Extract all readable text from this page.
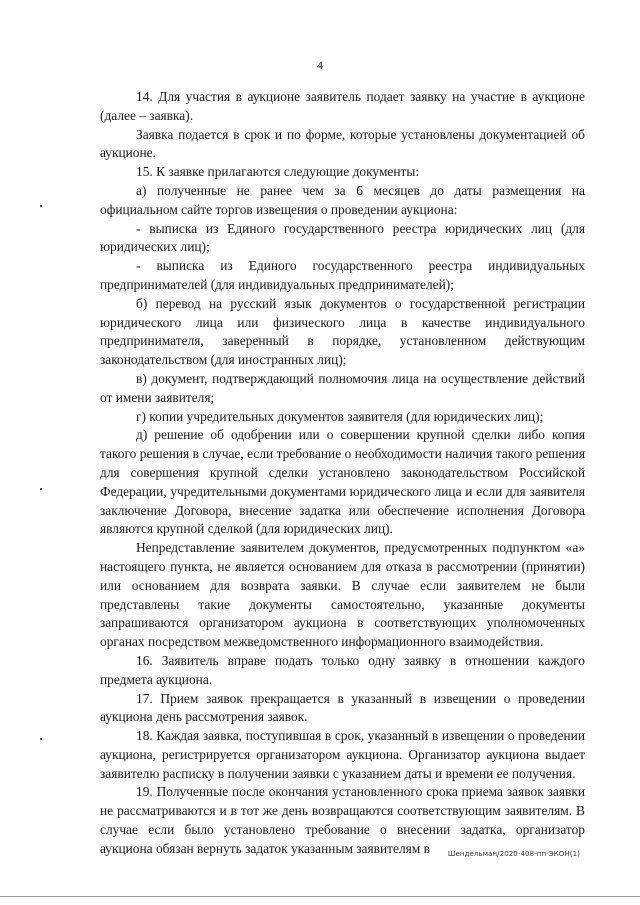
4

14. Для участия в аукционе заявитель подает заявку на участие в аукционе (далее – заявка).

Заявка подается в срок и по форме, которые установлены документацией об аукционе.

15. К заявке прилагаются следующие документы:

а) полученные не ранее чем за 6 месяцев до даты размещения на официальном сайте торгов извещения о проведении аукциона:

- выписка из Единого государственного реестра юридических лиц (для юридических лиц);

- выписка из Единого государственного реестра индивидуальных предпринимателей (для индивидуальных предпринимателей);

б) перевод на русский язык документов о государственной регистрации юридического лица или физического лица в качестве индивидуального предпринимателя, заверенный в порядке, установленном действующим законодательством (для иностранных лиц);

в) документ, подтверждающий полномочия лица на осуществление действий от имени заявителя;

г) копии учредительных документов заявителя (для юридических лиц);

д) решение об одобрении или о совершении крупной сделки либо копия такого решения в случае, если требование о необходимости наличия такого решения для совершения крупной сделки установлено законодательством Российской Федерации, учредительными документами юридического лица и если для заявителя заключение Договора, внесение задатка или обеспечение исполнения Договора являются крупной сделкой (для юридических лиц).

Непредставление заявителем документов, предусмотренных подпунктом «а» настоящего пункта, не является основанием для отказа в рассмотрении (принятии) или основанием для возврата заявки. В случае если заявителем не были представлены такие документы самостоятельно, указанные документы запрашиваются организатором аукциона в соответствующих уполномоченных органах посредством межведомственного информационного взаимодействия.

16. Заявитель вправе подать только одну заявку в отношении каждого предмета аукциона.

17. Прием заявок прекращается в указанный в извещении о проведении аукциона день рассмотрения заявок.

18. Каждая заявка, поступившая в срок, указанный в извещении о проведении аукциона, регистрируется организатором аукциона. Организатор аукциона выдает заявителю расписку в получении заявки с указанием даты и времени ее получения.

19. Полученные после окончания установленного срока приема заявок заявки не рассматриваются и в тот же день возвращаются соответствующим заявителям. В случае если было установлено требование о внесении задатка, организатор аукциона обязан вернуть задаток указанным заявителям в	Шендельман/2020-408-пп-ЭКОН(1)
